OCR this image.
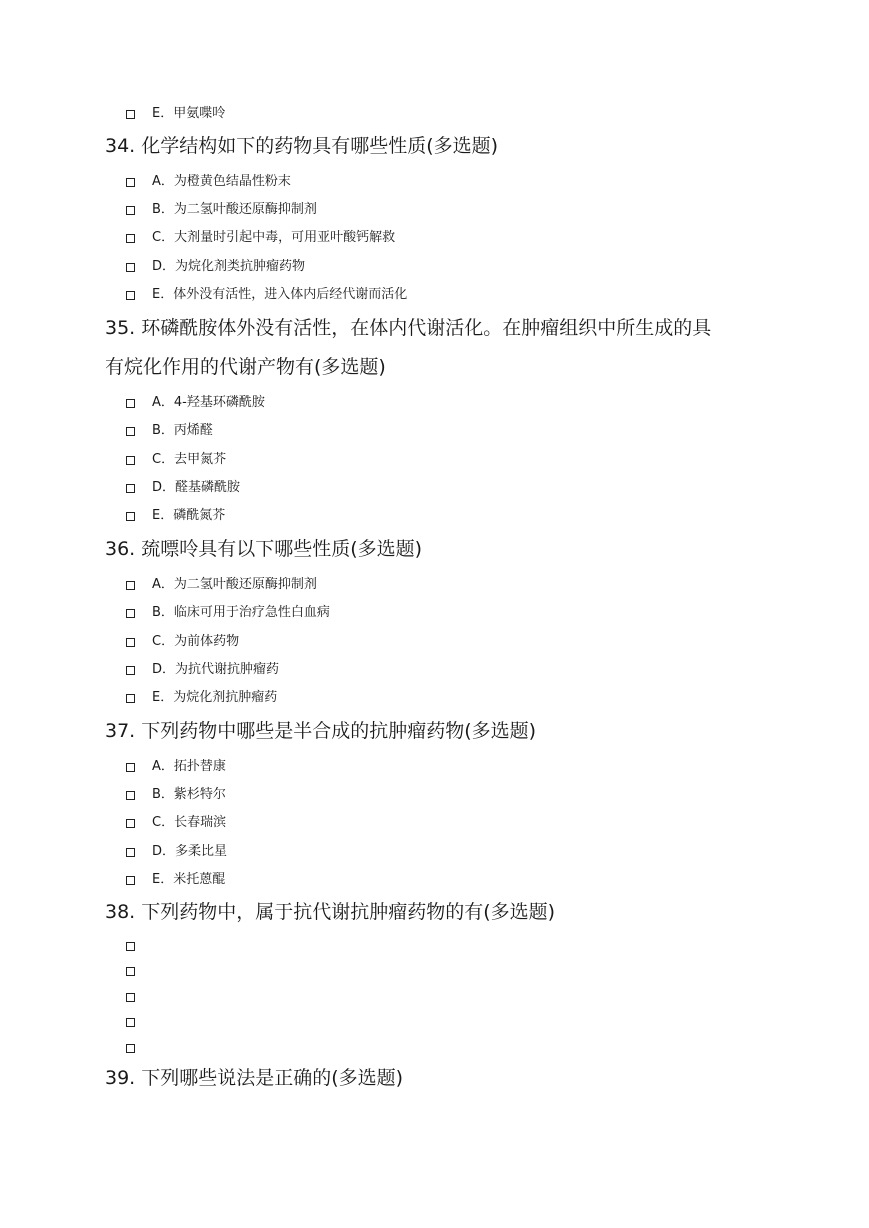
E．甲氨喋呤
34. 化学结构如下的药物具有哪些性质(多选题)
A．为橙黄色结晶性粉末
B．为二氢叶酸还原酶抑制剂
C．大剂量时引起中毒，可用亚叶酸钙解救
D．为烷化剂类抗肿瘤药物
E．体外没有活性，进入体内后经代谢而活化
35. 环磷酰胺体外没有活性，在体内代谢活化。在肿瘤组织中所生成的具
有烷化作用的代谢产物有(多选题)
A．4-羟基环磷酰胺
B．丙烯醛
C．去甲氮芥
D．醛基磷酰胺
E．磷酰氮芥
36. 巯嘌呤具有以下哪些性质(多选题)
A．为二氢叶酸还原酶抑制剂
B．临床可用于治疗急性白血病
C．为前体药物
D．为抗代谢抗肿瘤药
E．为烷化剂抗肿瘤药
37. 下列药物中哪些是半合成的抗肿瘤药物(多选题)
A．拓扑替康
B．紫杉特尔
C．长春瑞滨
D．多柔比星
E．米托蒽醌
38. 下列药物中，属于抗代谢抗肿瘤药物的有(多选题)
39. 下列哪些说法是正确的(多选题)
